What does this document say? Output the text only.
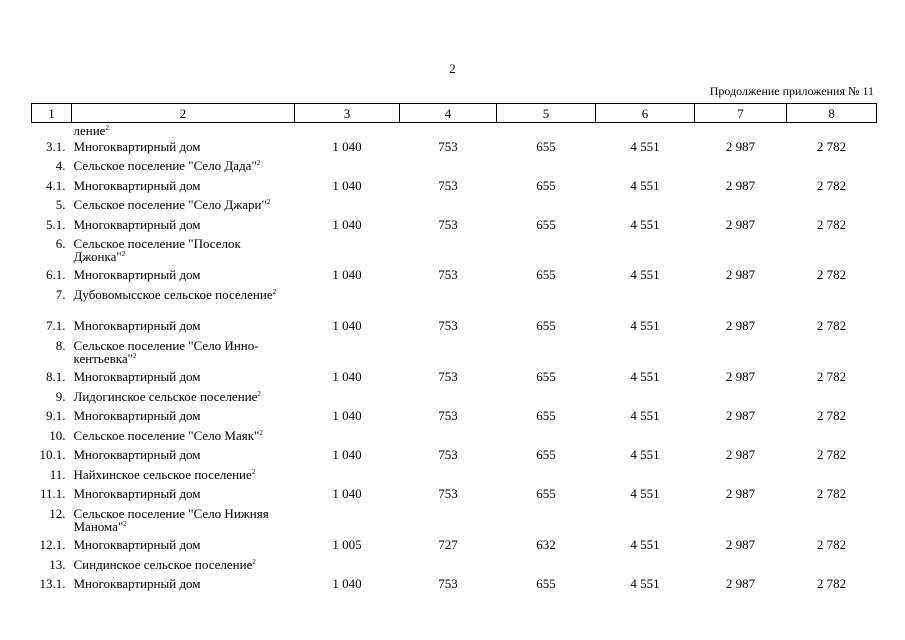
2
Продолжение приложения № 11
1	2	3	4	5	6	7	8
	ление$^2$						
3.1.	Многоквартирный дом	1 040	753	655	4 551	2 987	2 782
4.	Сельское поселение "Село Дада"$^2$						
4.1.	Многоквартирный дом	1 040	753	655	4 551	2 987	2 782
5.	Сельское поселение "Село Джари"$^2$						
5.1.	Многоквартирный дом	1 040	753	655	4 551	2 987	2 782
6.	Сельское поселение "Поселок Джонка"$^2$						
6.1.	Многоквартирный дом	1 040	753	655	4 551	2 987	2 782
7.	Дубовомысское сельское поселение$^2$						
7.1.	Многоквартирный дом	1 040	753	655	4 551	2 987	2 782
8.	Сельское поселение "Село Иннокентьевка"$^2$						
8.1.	Многоквартирный дом	1 040	753	655	4 551	2 987	2 782
9.	Лидогинское сельское поселение$^2$						
9.1.	Многоквартирный дом	1 040	753	655	4 551	2 987	2 782
10.	Сельское поселение "Село Маяк"$^2$						
10.1.	Многоквартирный дом	1 040	753	655	4 551	2 987	2 782
11.	Найхинское сельское поселение$^2$						
11.1.	Многоквартирный дом	1 040	753	655	4 551	2 987	2 782
12.	Сельское поселение "Село Нижняя Манома"$^2$						
12.1.	Многоквартирный дом	1 005	727	632	4 551	2 987	2 782
13.	Синдинское сельское поселение$^2$						
13.1.	Многоквартирный дом	1 040	753	655	4 551	2 987	2 782
